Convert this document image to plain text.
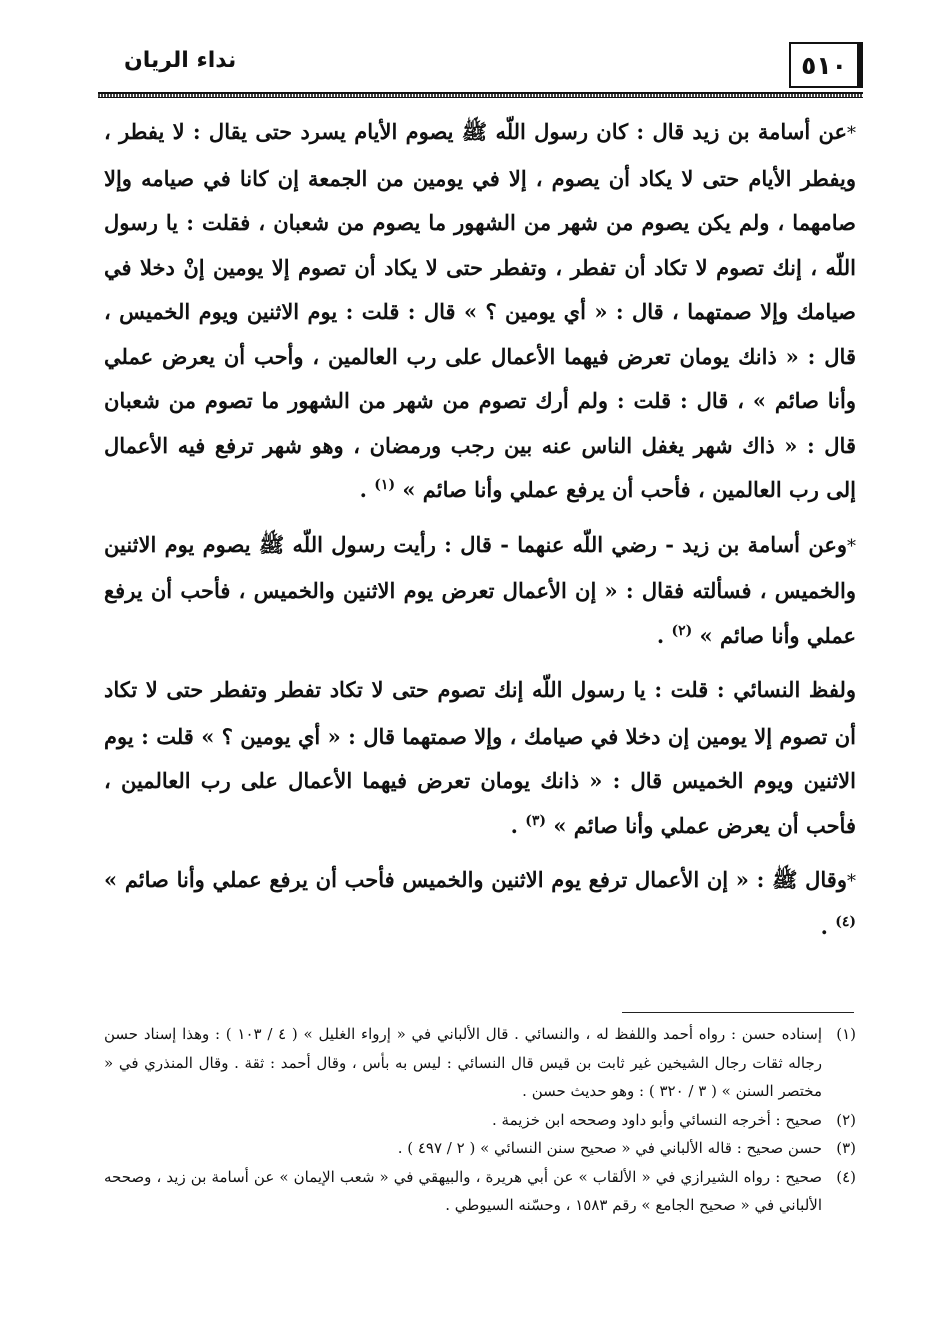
٥١٠
نداء الريان

*عن أسامة بن زيد قال : كان رسول اللّه ﷺ يصوم الأيام يسرد حتى يقال : لا يفطر ، ويفطر الأيام حتى لا يكاد أن يصوم ، إلا في يومين من الجمعة إن كانا في صيامه وإلا صامهما ، ولم يكن يصوم من شهر من الشهور ما يصوم من شعبان ، فقلت : يا رسول اللّه ، إنك تصوم لا تكاد أن تفطر ، وتفطر حتى لا يكاد أن تصوم إلا يومين إنْ دخلا في صيامك وإلا صمتهما ، قال : « أي يومين ؟ » قال : قلت : يوم الاثنين ويوم الخميس ، قال : « ذانك يومان تعرض فيهما الأعمال على رب العالمين ، وأحب أن يعرض عملي وأنا صائم » ، قال : قلت : ولم أرك تصوم من شهر من الشهور ما تصوم من شعبان قال : « ذاك شهر يغفل الناس عنه بين رجب ورمضان ، وهو شهر ترفع فيه الأعمال إلى رب العالمين ، فأحب أن يرفع عملي وأنا صائم » $^{(١)}$ .

*وعن أسامة بن زيد - رضي اللّه عنهما - قال : رأيت رسول اللّه ﷺ يصوم يوم الاثنين والخميس ، فسألته فقال : « إن الأعمال تعرض يوم الاثنين والخميس ، فأحب أن يرفع عملي وأنا صائم » $^{(٢)}$ .

ولفظ النسائي : قلت : يا رسول اللّه إنك تصوم حتى لا تكاد تفطر وتفطر حتى لا تكاد أن تصوم إلا يومين إن دخلا في صيامك ، وإلا صمتهما قال : « أي يومين ؟ » قلت : يوم الاثنين ويوم الخميس قال : « ذانك يومان تعرض فيهما الأعمال على رب العالمين ، فأحب أن يعرض عملي وأنا صائم » $^{(٣)}$ .

*وقال ﷺ : « إن الأعمال ترفع يوم الاثنين والخميس فأحب أن يرفع عملي وأنا صائم » $^{(٤)}$ .

(١)
إسناده حسن : رواه أحمد واللفظ له ، والنسائي . قال الألباني في « إرواء الغليل » ( ٤ / ١٠٣ ) : وهذا إسناد حسن رجاله ثقات رجال الشيخين غير ثابت بن قيس قال النسائي : ليس به بأس ، وقال أحمد : ثقة . وقال المنذري في « مختصر السنن » ( ٣ / ٣٢٠ ) : وهو حديث حسن .

(٢)
صحيح : أخرجه النسائي وأبو داود وصححه ابن خزيمة .

(٣)
حسن صحيح : قاله الألباني في « صحيح سنن النسائي » ( ٢ / ٤٩٧ ) .

(٤)
صحيح : رواه الشيرازي في « الألقاب » عن أبي هريرة ، والبيهقي في « شعب الإيمان » عن أسامة بن زيد ، وصححه الألباني في « صحيح الجامع » رقم ١٥٨٣ ، وحسّنه السيوطي .
